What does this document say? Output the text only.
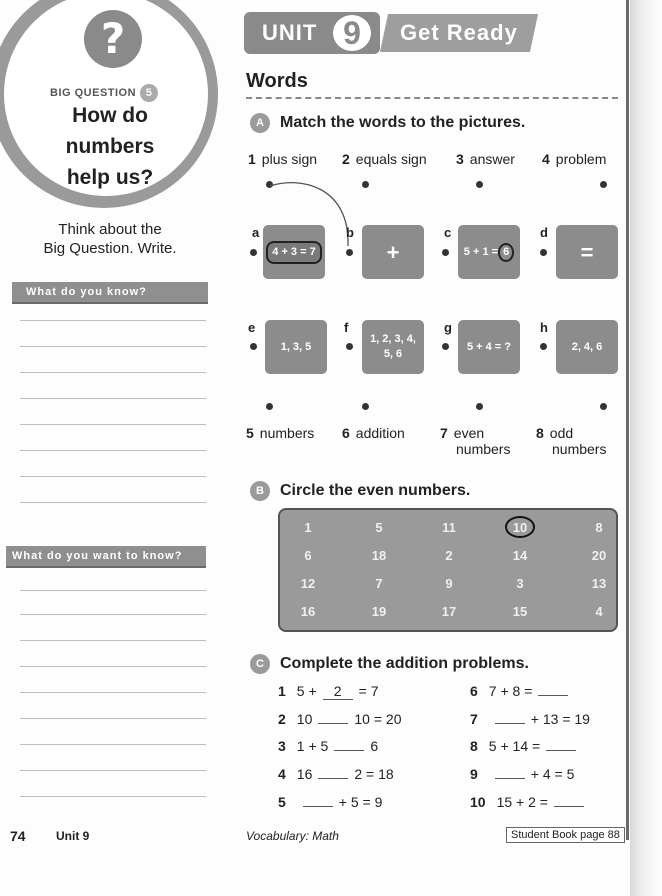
?
BIG QUESTION 5
How do
numbers
help us?
Think about the
Big Question. Write.
What do you know?
What do you want to know?
UNIT 9	Get Ready
Words
A	Match the words to the pictures.
1 plus sign 2 equals sign 3 answer 4 problem
a
4 + 3 = 7
b
+
c
5 + 1 = 6
d
=
e
1, 3, 5
f
1, 2, 3, 4,
5, 6
g
5 + 4 = ?
h
2, 4, 6
5 numbers 6 addition	7 even
numbers
8 odd
numbers
B	Circle the even numbers.
1	5	11	10	8
6	18	2	14	20
12	7	9	3	13
16	19	17	15	4
C	Complete the addition problems.
1 5 + 2 = 7
2 10	10 = 20
3 1 + 5	6
4 16	2 = 18
5	+ 5 = 9
6 7 + 8 =
7	+ 13 = 19
8 5 + 14 =
9	+ 4 = 5
10 15 + 2 =
74	Unit 9	Vocabulary: Math	Student Book page 88
